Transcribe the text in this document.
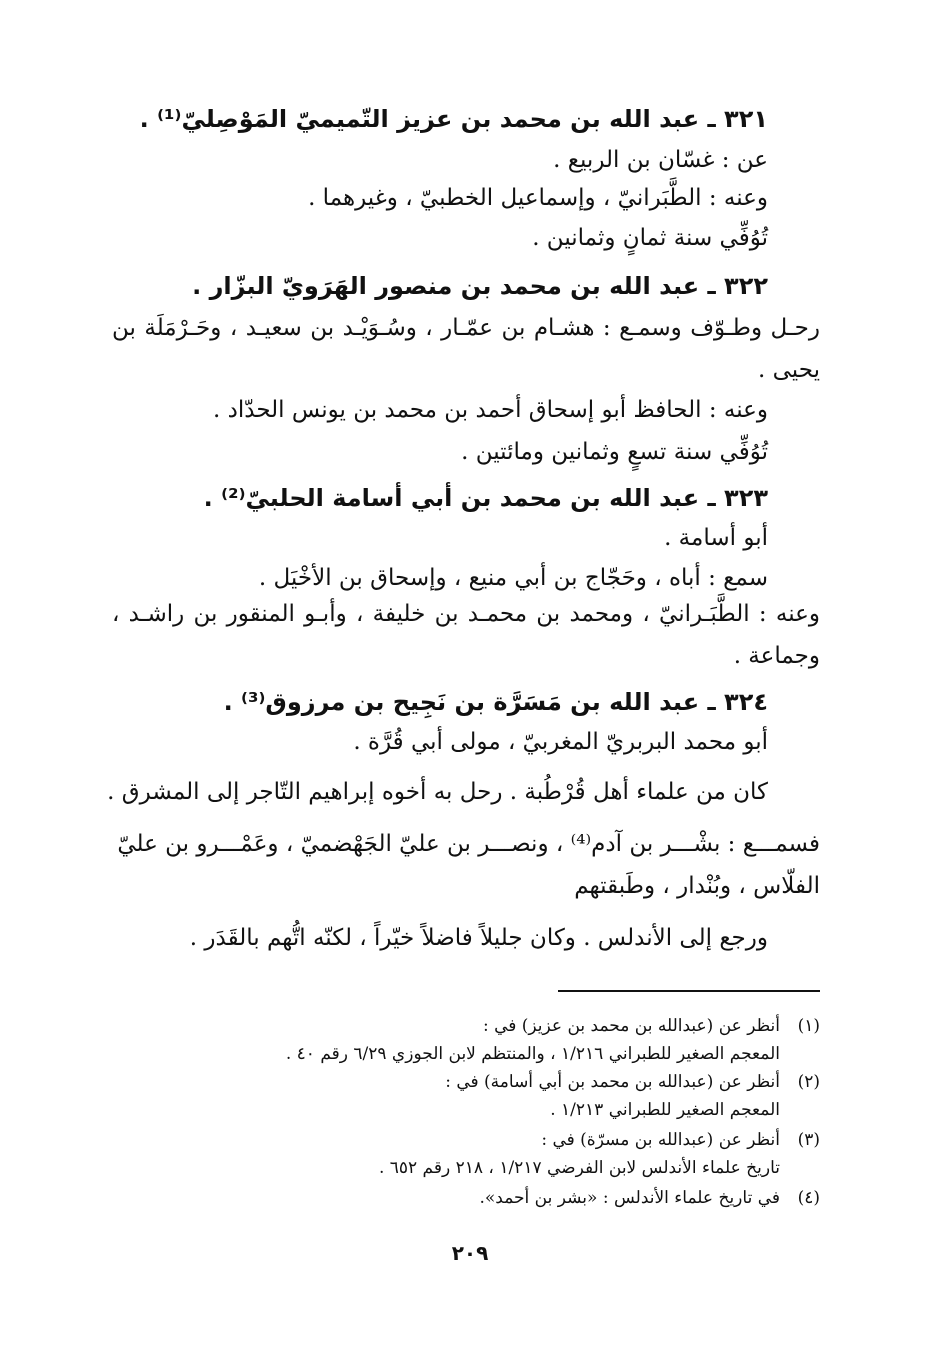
٣٢١ ـ عبد الله بن محمد بن عزيز التّميميّ المَوْصِليّ⁽¹⁾ .
عن : غسّان بن الربيع .
وعنه : الطَّبَرانيّ ، وإسماعيل الخطبيّ ، وغيرهما .
تُوُفِّي سنة ثمانٍ وثمانين .
٣٢٢ ـ عبد الله بن محمد بن منصور الهَرَويّ البزّار .
رحـل وطـوّف وسمـع : هشـام بن عمّـار ، وسُـوَيْـد بن سعيـد ، وحَـرْمَلَة بن
يحيى .
وعنه : الحافظ أبو إسحاق أحمد بن محمد بن يونس الحدّاد .
تُوُفِّي سنة تسعٍ وثمانين ومائتين .
٣٢٣ ـ عبد الله بن محمد بن أبي أسامة الحلبيّ⁽²⁾ .
أبو أسامة .
سمع : أباه ، وحَجّاج بن أبي منيع ، وإسحاق بن الأخْيَل .
وعنه : الطَّبَـرانيّ ، ومحمد بن محمـد بن خليفة ، وأبـو المنقور بن راشـد ،
وجماعة .
٣٢٤ ـ عبد الله بن مَسَرَّة بن نَجِيح بن مرزوق⁽³⁾ .
أبو محمد البربريّ المغربيّ ، مولى أبي قُرَّة .
كان من علماء أهل قُرْطُبة . رحل به أخوه إبراهيم التّاجر إلى المشرق .
فسمـــع : بشْـــر بن آدم⁽⁴⁾ ، ونصـــر بن عليّ الجَهْضميّ ، وعَمْـــرو بن عليّ
الفلّاس ، وبُنْدار ، وطَبقتهم
ورجع إلى الأندلس . وكان جليلاً فاضلاً خيّراً ، لكنّه اتُّهم بالقَدَر .
(١)
أنظر عن (عبدالله بن محمد بن عزيز) في :
المعجم الصغير للطبراني ١/٢١٦ ، والمنتظم لابن الجوزي ٦/٢٩ رقم ٤٠ .
(٢)
أنظر عن (عبدالله بن محمد بن أبي أسامة) في :
المعجم الصغير للطبراني ١/٢١٣ .
(٣)
أنظر عن (عبدالله بن مسرّة) في :
تاريخ علماء الأندلس لابن الفرضي ١/٢١٧ ، ٢١٨ رقم ٦٥٢ .
(٤)
في تاريخ علماء الأندلس : «بشر بن أحمد».
٢٠٩
